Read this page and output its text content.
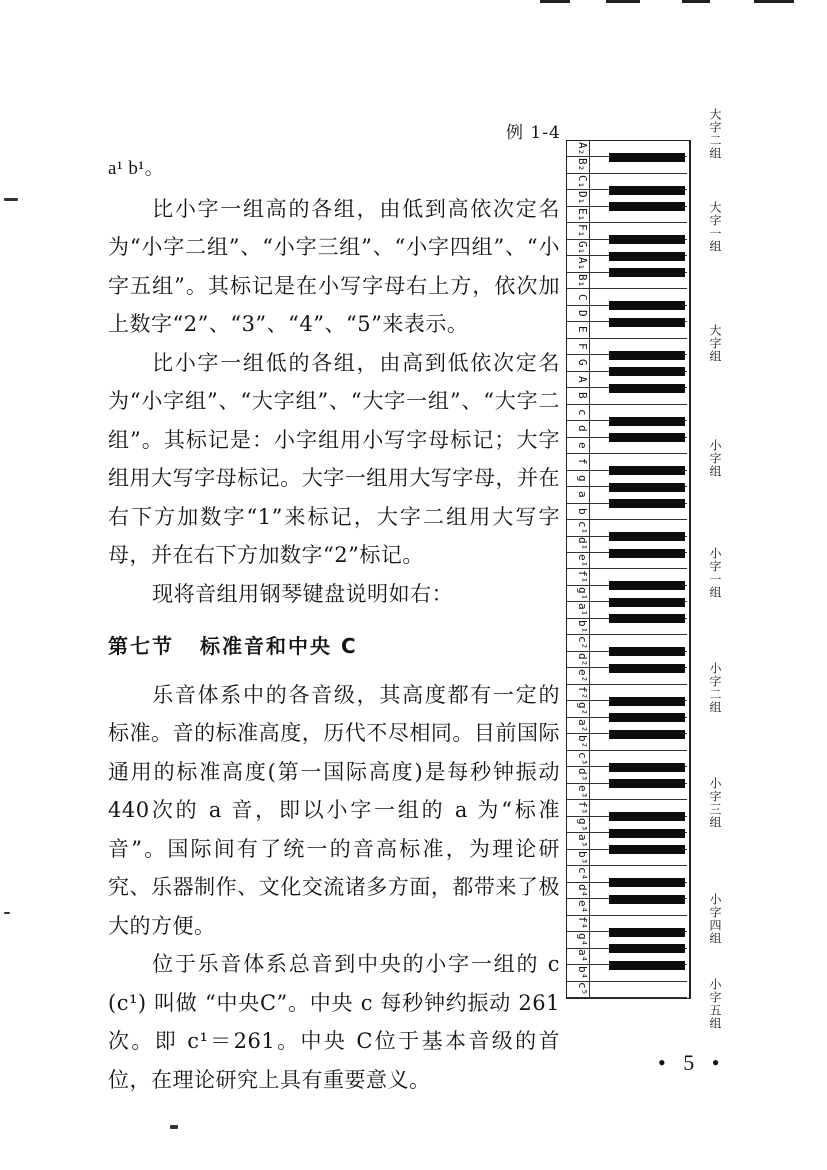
例 1-4

a¹ b¹。

比小字一组高的各组，由低到高依次定名为“小字二组”、“小字三组”、“小字四组”、“小字五组”。其标记是在小写字母右上方，依次加上数字“2”、“3”、“4”、“5”来表示。

比小字一组低的各组，由高到低依次定名为“小字组”、“大字组”、“大字一组”、“大字二组”。其标记是：小字组用小写字母标记；大字组用大写字母标记。大字一组用大写字母，并在右下方加数字“1”来标记，大字二组用大写字母，并在右下方加数字“2”标记。

现将音组用钢琴键盘说明如右：

第七节 标准音和中央 C

乐音体系中的各音级，其高度都有一定的标准。音的标准高度，历代不尽相同。目前国际通用的标准高度(第一国际高度)是每秒钟振动440次的 a 音，即以小字一组的 a 为“标准音”。国际间有了统一的音高标准，为理论研究、乐器制作、文化交流诸多方面，都带来了极大的方便。

位于乐音体系总音到中央的小字一组的 c (c¹) 叫做 “中央C”。中央 c 每秒钟约振动 261 次。即 c¹＝261。中央 C位于基本音级的首位，在理论研究上具有重要意义。

A₂
B₂
C₁
D₁
E₁
F₁
G₁
A₁
B₁
C
D
E
F
G
A
B
c
d
e
f
g
a
b
c¹
d¹
e¹
f¹
g¹
a¹
b¹
c²
d²
e²
f²
g²
a²
b²
c³
d³
e³
f³
g³
a³
b³
c⁴
d⁴
e⁴
f⁴
g⁴
a⁴
b⁴
c⁵
大字二组
大字一组
大字组
小字组
小字一组
小字二组
小字三组
小字四组
小字五组
• 5 •
